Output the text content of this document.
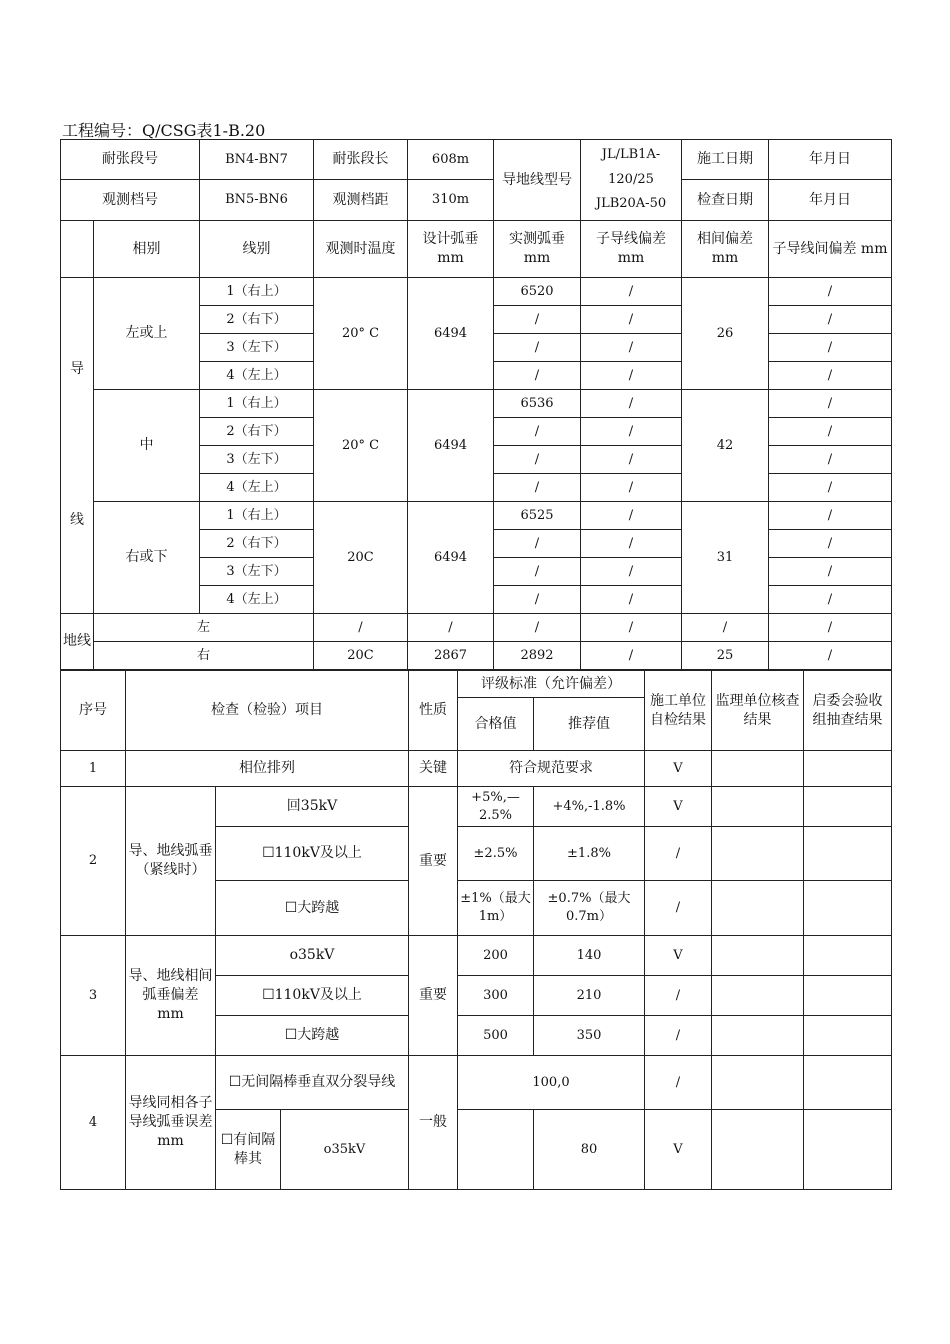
工程编号：Q/CSG表1-B.20
耐张段号		BN4-BN7	耐张段长	608m	导地线型号	JL/LB1A-120/25 JLB20A-50	施工日期	年月日
观测档号		BN5-BN6	观测档距	310m			检查日期	年月日
	相别	线别	观测时温度	设计弧垂 mm	实测弧垂 mm	子导线偏差 mm	相间偏差 mm	子导线间偏差 mm
导

线	左或上	1（右上）	20° C	6494	6520	/	26	/
		2（右下）			/	/		/
		3（左下）			/	/		/
		4（左上）			/	/		/
	中	1（右上）	20° C	6494	6536	/	42	/
		2（右下）			/	/		/
		3（左下）			/	/		/
		4（左上）			/	/		/
	右或下	1（右上）	20C	6494	6525	/	31	/
		2（右下）			/	/		/
		3（左下）			/	/		/
		4（左上）			/	/		/
地线	左		/	/	/	/	/	/
	右		20C	2867	2892	/	25	/
序号	检查（检验）项目			性质	评级标准（允许偏差）		施工单位自检结果	监理单位核查结果	启委会验收组抽查结果
					合格值	推荐值			
1	相位排列			关键	符合规范要求		V		
2	导、地线弧垂（紧线时）	回35kV		重要	+5%,—2.5%	+4%,-1.8%	V		
		☐110kV及以上			±2.5%	±1.8%	/		
		☐大跨越			±1%（最大1m）	±0.7%（最大0.7m）	/		
3	导、地线相间弧垂偏差 mm	o35kV		重要	200	140	V		
		☐110kV及以上			300	210	/		
		☐大跨越			500	350	/		
4	导线同相各子导线弧垂误差 mm	☐无间隔棒垂直双分裂导线		一般	100,0		/		
		☐有间隔棒其	o35kV			80	V		
